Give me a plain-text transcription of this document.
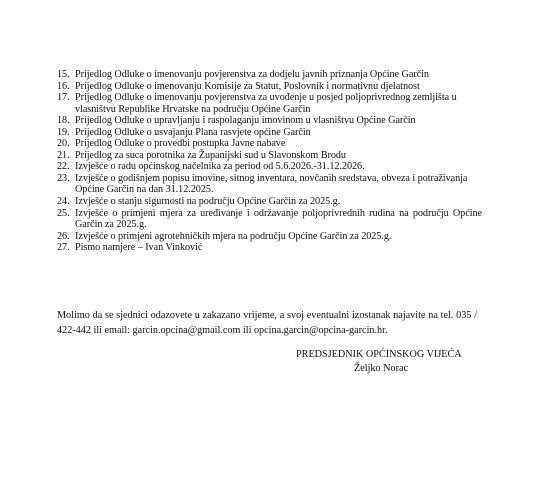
15. Prijedlog Odluke o imenovanju povjerenstva za dodjelu javnih priznanja Općine Garčin
16. Prijedlog Odluke o imenovanju Komisije za Statut, Poslovnik i normativnu djelatnost
17. Prijedlog Odluke o imenovanju povjerenstva za uvođenje u posjed poljoprivrednog zemljišta u vlasništvu Republike Hrvatske na području Općine Garčin
18. Prijedlog Odluke o upravljanju i raspolaganju imovinom u vlasništvu Općine Garčin
19. Prijedlog Odluke o usvajanju Plana rasvjete općine Garčin
20. Prijedlog Odluke o provedbi postupka Javne nabave
21. Prijedlog za suca porotnika za Županijski sud u Slavonskom Brodu
22. Izvješće o radu općinskog načelnika za period od 5.6.2026.-31.12.2026.
23. Izvješće o godišnjem popisu imovine, sitnog inventara, novčanih sredstava, obveza i potraživanja Općine Garčin na dan 31.12.2025.
24. Izvješće o stanju sigurnosti na području Općine Garčin za 2025.g.
25. Izvješće o primjeni mjera za uređivanje i održavanje poljoprivrednih rudina na području Općine Garčin za 2025.g.
26. Izvješće o primjeni agrotehničkih mjera na području Općine Garčin za 2025.g.
27. Pismo namjere – Ivan Vinković

Molimo da se sjednici odazovete u zakazano vrijeme, a svoj eventualni izostanak najavite na tel. 035 / 422-442 ili email: garcin.opcina@gmail.com ili opcina.garcin@opcina-garcin.hr.

PREDSJEDNIK OPĆINSKOG VIJEĆA
Željko Norac
